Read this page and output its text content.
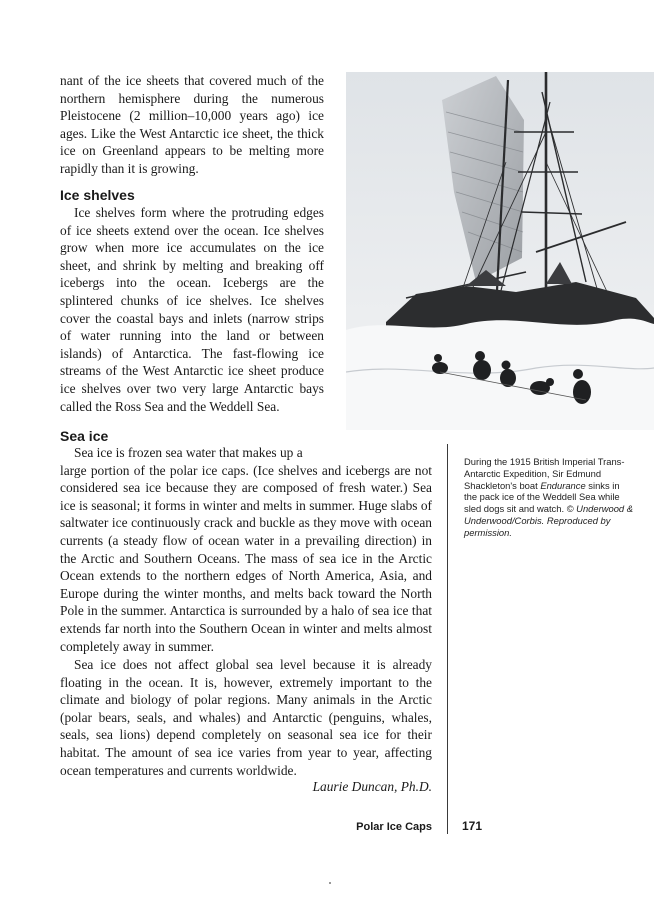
nant of the ice sheets that covered much of the northern hemisphere during the numerous Pleistocene (2 million–10,000 years ago) ice ages. Like the West Antarctic ice sheet, the thick ice on Greenland appears to be melting more rapidly than it is growing.

Ice shelves

Ice shelves form where the protruding edges of ice sheets extend over the ocean. Ice shelves grow when more ice accumulates on the ice sheet, and shrink by melting and breaking off icebergs into the ocean. Icebergs are the splintered chunks of ice shelves. Ice shelves cover the coastal bays and inlets (narrow strips of water running into the land or between islands) of Antarctica. The fast-flowing ice streams of the West Antarctic ice sheet produce ice shelves over two very large Antarctic bays called the Ross Sea and the Weddell Sea.

Sea ice

Sea ice is frozen sea water that makes up a

large portion of the polar ice caps. (Ice shelves and icebergs are not considered sea ice because they are composed of fresh water.) Sea ice is seasonal; it forms in winter and melts in summer. Huge slabs of saltwater ice continuously crack and buckle as they move with ocean currents (a steady flow of ocean water in a prevailing direction) in the Arctic and Southern Oceans. The mass of sea ice in the Arctic Ocean extends to the northern edges of North America, Asia, and Europe during the winter months, and melts back toward the North Pole in the summer. Antarctica is surrounded by a halo of sea ice that extends far north into the Southern Ocean in winter and melts almost completely away in summer.

Sea ice does not affect global sea level because it is already floating in the ocean. It is, however, extremely important to the climate and biology of polar regions. Many animals in the Arctic (polar bears, seals, and whales) and Antarctic (penguins, whales, seals, sea lions) depend completely on seasonal sea ice for their habitat. The amount of sea ice varies from year to year, affecting ocean temperatures and currents worldwide.

Laurie Duncan, Ph.D.

During the 1915 British Imperial Trans-Antarctic Expedition, Sir Edmund Shackleton's boat Endurance sinks in the pack ice of the Weddell Sea while sled dogs sit and watch. © Underwood & Underwood/Corbis. Reproduced by permission.

Polar Ice Caps	171
